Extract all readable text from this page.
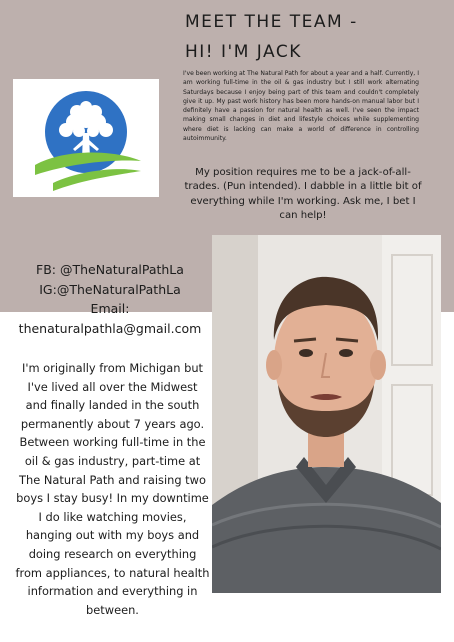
MEET THE TEAM -
HI! I'M JACK

I've been working at The Natural Path for about a year and a half. Currently, I am working full-time in the oil & gas industry but I still work alternating Saturdays because I enjoy being part of this team and couldn't completely give it up. My past work history has been more hands-on manual labor but I definitely have a passion for natural health as well. I've seen the impact making small changes in diet and lifestyle choices while supplementing where diet is lacking can make a world of difference in controlling autoimmunity.

My position requires me to be a jack-of-all-trades. (Pun intended). I dabble in a little bit of everything while I'm working. Ask me, I bet I can help!

FB: @TheNaturalPathLa
IG:@TheNaturalPathLa
Email:
thenaturalpathla@gmail.com

I'm originally from Michigan but I've lived all over the Midwest and finally landed in the south permanently about 7 years ago. Between working full-time in the oil & gas industry, part-time at The Natural Path and raising two boys I stay busy! In my downtime I do like watching movies, hanging out with my boys and doing research on everything from appliances, to natural health information and everything in between.
